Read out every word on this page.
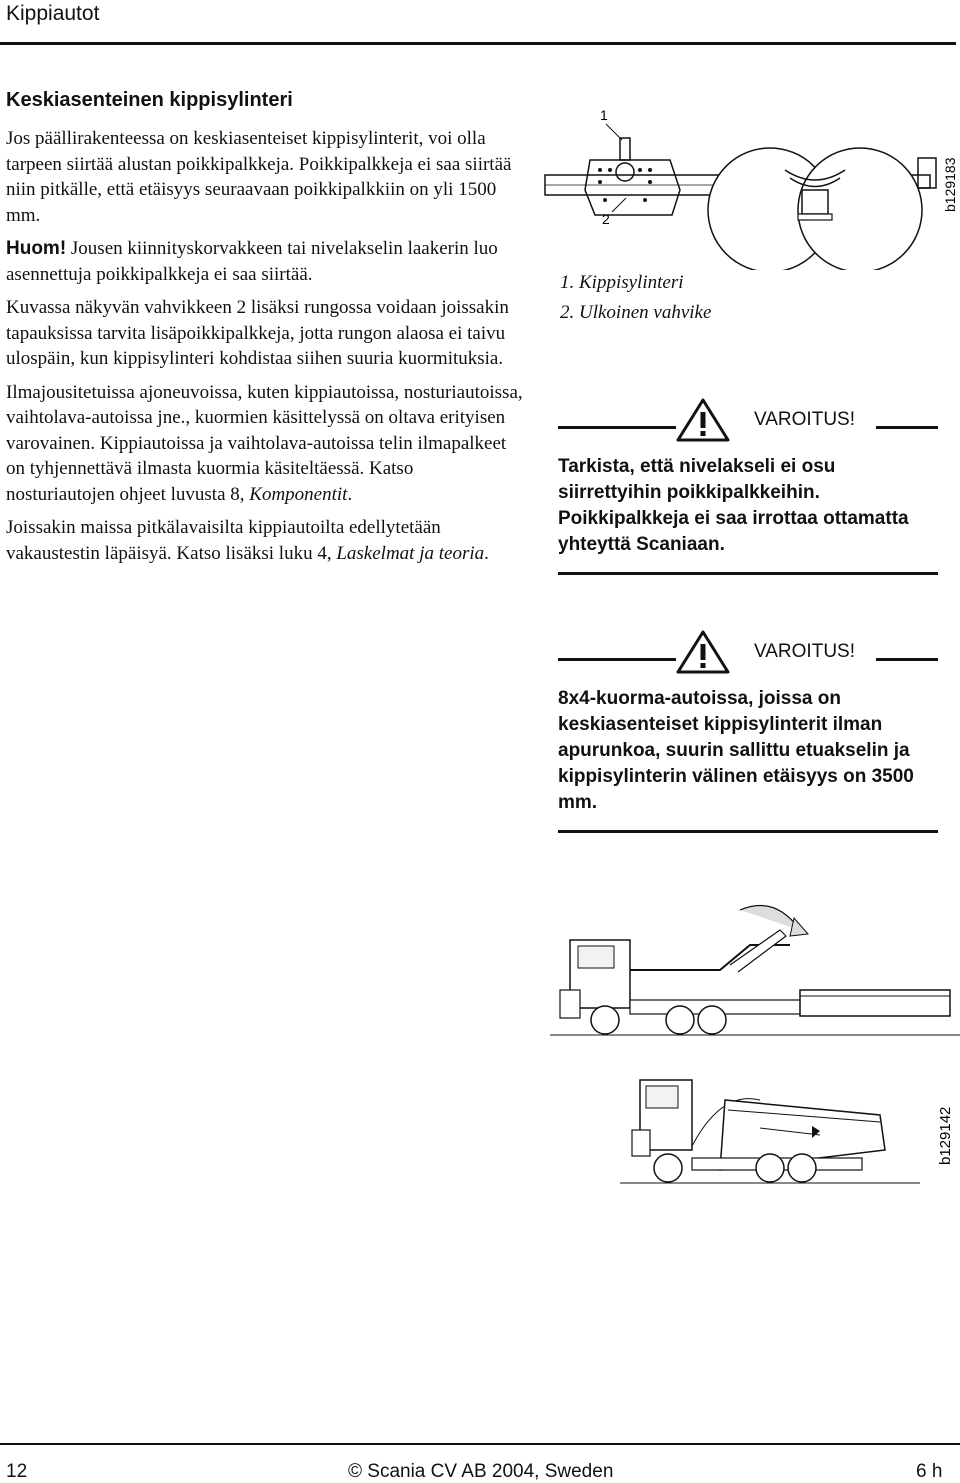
Kippiautot
Keskiasenteinen kippisylinteri

Jos päällirakenteessa on keskiasenteiset kippisylinterit, voi olla tarpeen siirtää alustan poikkipalkkeja. Poikkipalkkeja ei saa siirtää niin pitkälle, että etäisyys seuraavaan poikkipalkkiin on yli 1500 mm.

Huom! Jousen kiinnityskorvakkeen tai nivelakselin laakerin luo asennettuja poikkipalkkeja ei saa siirtää.

Kuvassa näkyvän vahvikkeen 2 lisäksi rungossa voidaan joissakin tapauksissa tarvita lisäpoikkipalkkeja, jotta rungon alaosa ei taivu ulospäin, kun kippisylinteri kohdistaa siihen suuria kuormituksia.

Ilmajousitetuissa ajoneuvoissa, kuten kippiautoissa, nosturiautoissa, vaihtolava-autoissa jne., kuormien käsittelyssä on oltava erityisen varovainen. Kippiautoissa ja vaihtolava-autoissa telin ilmapalkeet on tyhjennettävä ilmasta kuormia käsiteltäessä. Katso nosturiautojen ohjeet luvusta 8, Komponentit.

Joissakin maissa pitkälavaisilta kippiautoilta edellytetään vakaustestin läpäisyä. Katso lisäksi luku 4, Laskelmat ja teoria.

1
2
b129183
1. Kippisylinteri
2. Ulkoinen vahvike
VAROITUS!
Tarkista, että nivelakseli ei osu siirrettyihin poikkipalkkeihin. Poikkipalkkeja ei saa irrottaa ottamatta yhteyttä Scaniaan.
VAROITUS!
8x4-kuorma-autoissa, joissa on keskiasenteiset kippisylinterit ilman apurunkoa, suurin sallittu etuakselin ja kippisylinterin välinen etäisyys on 3500 mm.
b129142
12	© Scania CV AB 2004, Sweden	6 h
